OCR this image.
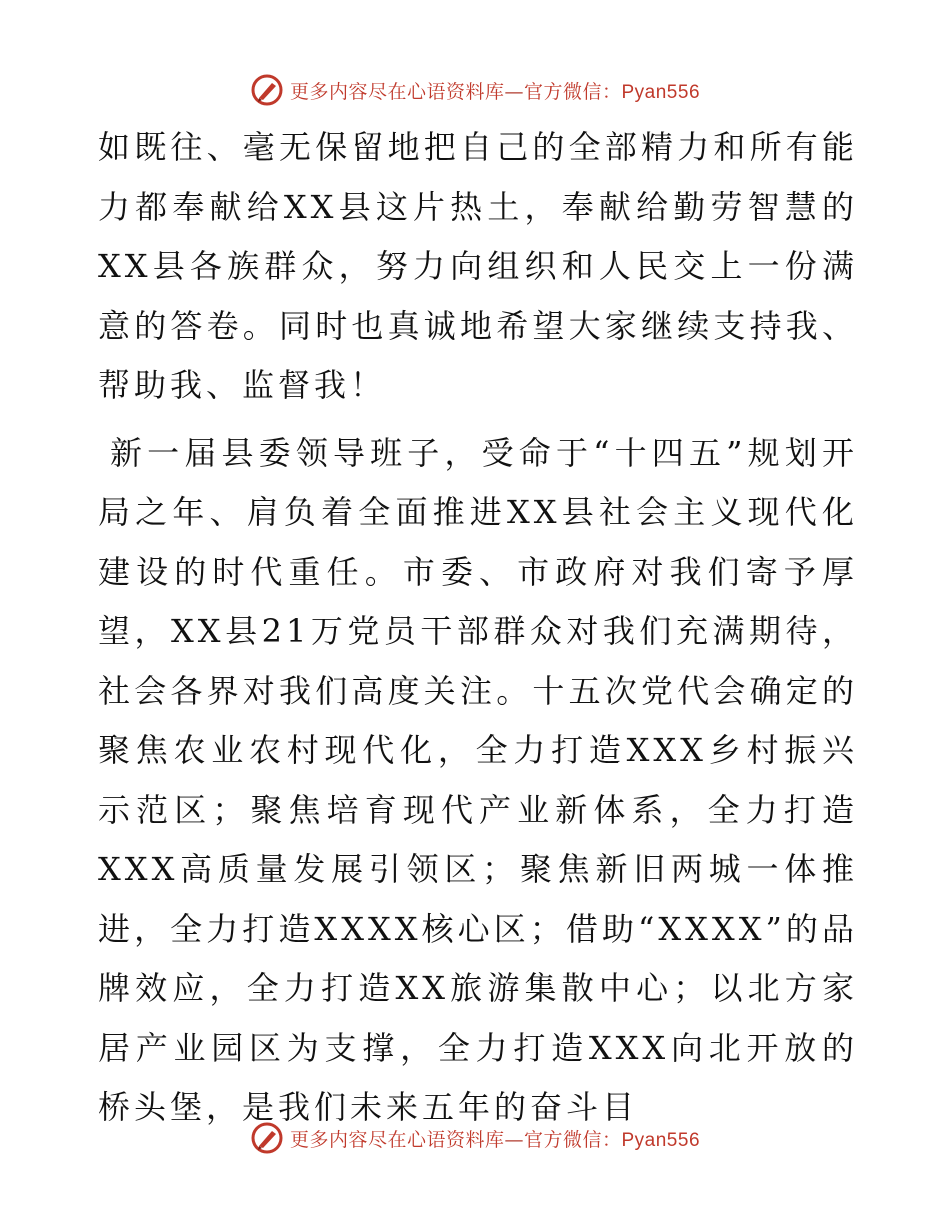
更多内容尽在心语资料库—官方微信：Pyan556

如既往、毫无保留地把自己的全部精力和所有能力都奉献给XX县这片热土，奉献给勤劳智慧的XX县各族群众，努力向组织和人民交上一份满意的答卷。同时也真诚地希望大家继续支持我、帮助我、监督我！

新一届县委领导班子，受命于“十四五”规划开局之年、肩负着全面推进XX县社会主义现代化建设的时代重任。市委、市政府对我们寄予厚望，XX县21万党员干部群众对我们充满期待，社会各界对我们高度关注。十五次党代会确定的聚焦农业农村现代化，全力打造XXX乡村振兴示范区；聚焦培育现代产业新体系，全力打造XXX高质量发展引领区；聚焦新旧两城一体推进，全力打造XXXX核心区；借助“XXXX”的品牌效应，全力打造XX旅游集散中心；以北方家居产业园区为支撑，全力打造XXX向北开放的桥头堡，是我们未来五年的奋斗目

更多内容尽在心语资料库—官方微信：Pyan556
